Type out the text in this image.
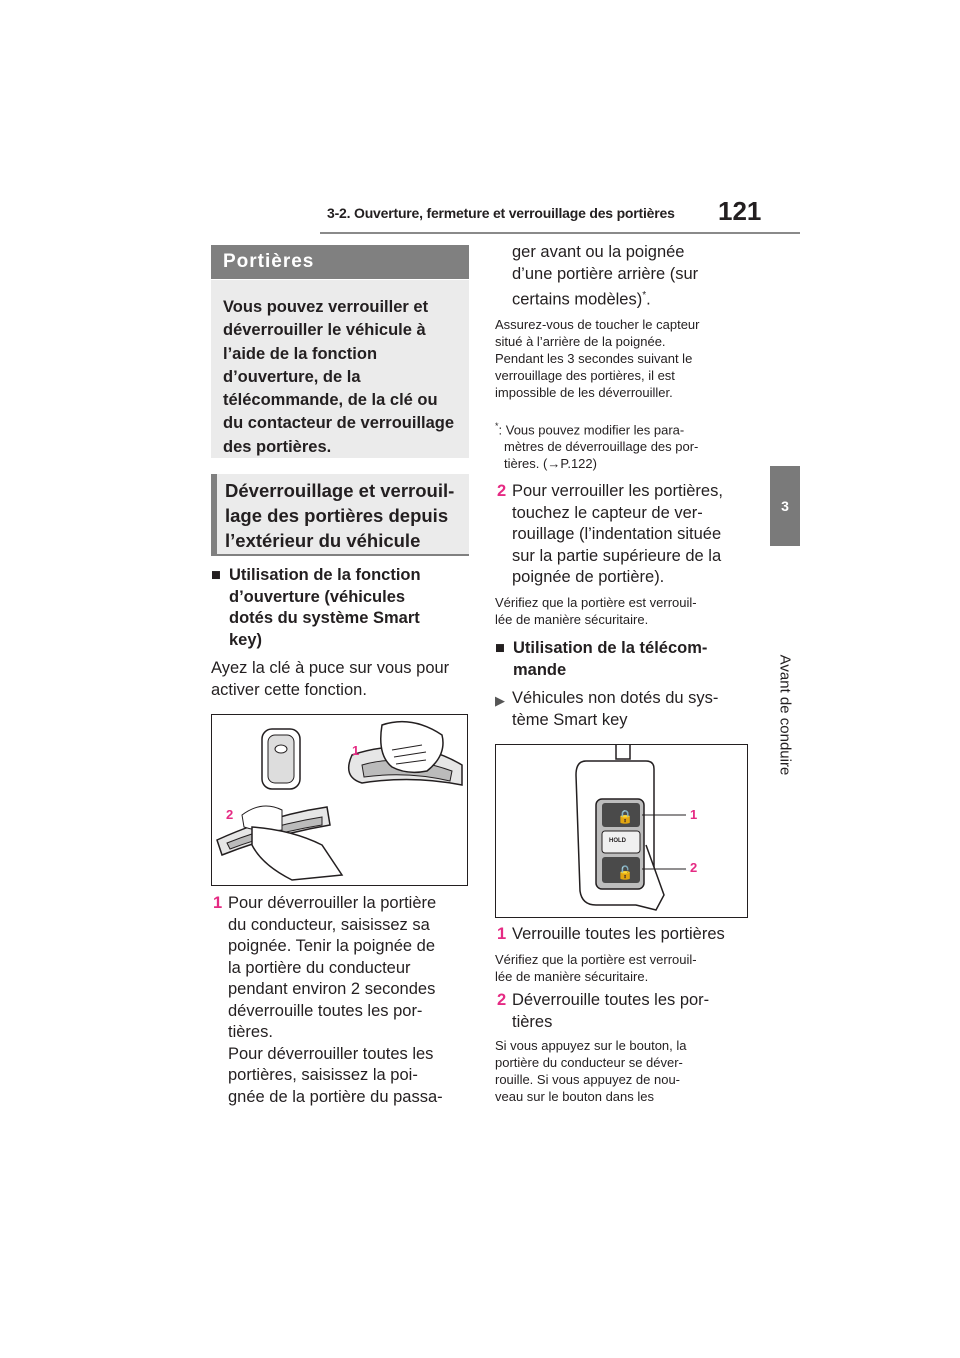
3-2. Ouverture, fermeture et verrouillage des portières 121
3
Avant de conduire
Portières
Vous pouvez verrouiller et déverrouiller le véhicule à l’aide de la fonction d’ouverture, de la télécommande, de la clé ou du contacteur de verrouillage des portières.
Déverrouillage et verrouil-
lage des portières depuis
l’extérieur du véhicule
■ Utilisation de la fonction
d’ouverture (véhicules
dotés du système Smart
key)
Ayez la clé à puce sur vous pour activer cette fonction.
1
2
1 Pour déverrouiller la portière
du conducteur, saisissez sa
poignée. Tenir la poignée de
la portière du conducteur
pendant environ 2 secondes
déverrouille toutes les por-
tières.
Pour déverrouiller toutes les
portières, saisissez la poi-
gnée de la portière du passa-
ger avant ou la poignée
d’une portière arrière (sur
certains modèles)*.
Assurez-vous de toucher le capteur
situé à l’arrière de la poignée.
Pendant les 3 secondes suivant le
verrouillage des portières, il est
impossible de les déverrouiller.
*: Vous pouvez modifier les para-
mètres de déverrouillage des por-
tières. (→P.122)
2 Pour verrouiller les portières,
touchez le capteur de ver-
rouillage (l’indentation située
sur la partie supérieure de la
poignée de portière).
Vérifiez que la portière est verrouil-
lée de manière sécuritaire.
■ Utilisation de la télécom-
mande
▶ Véhicules non dotés du sys-
tème Smart key
🔒
🔓
HOLD
1
2
1 Verrouille toutes les portières
Vérifiez que la portière est verrouil-
lée de manière sécuritaire.
2 Déverrouille toutes les por-
tières
Si vous appuyez sur le bouton, la
portière du conducteur se déver-
rouille. Si vous appuyez de nou-
veau sur le bouton dans les
